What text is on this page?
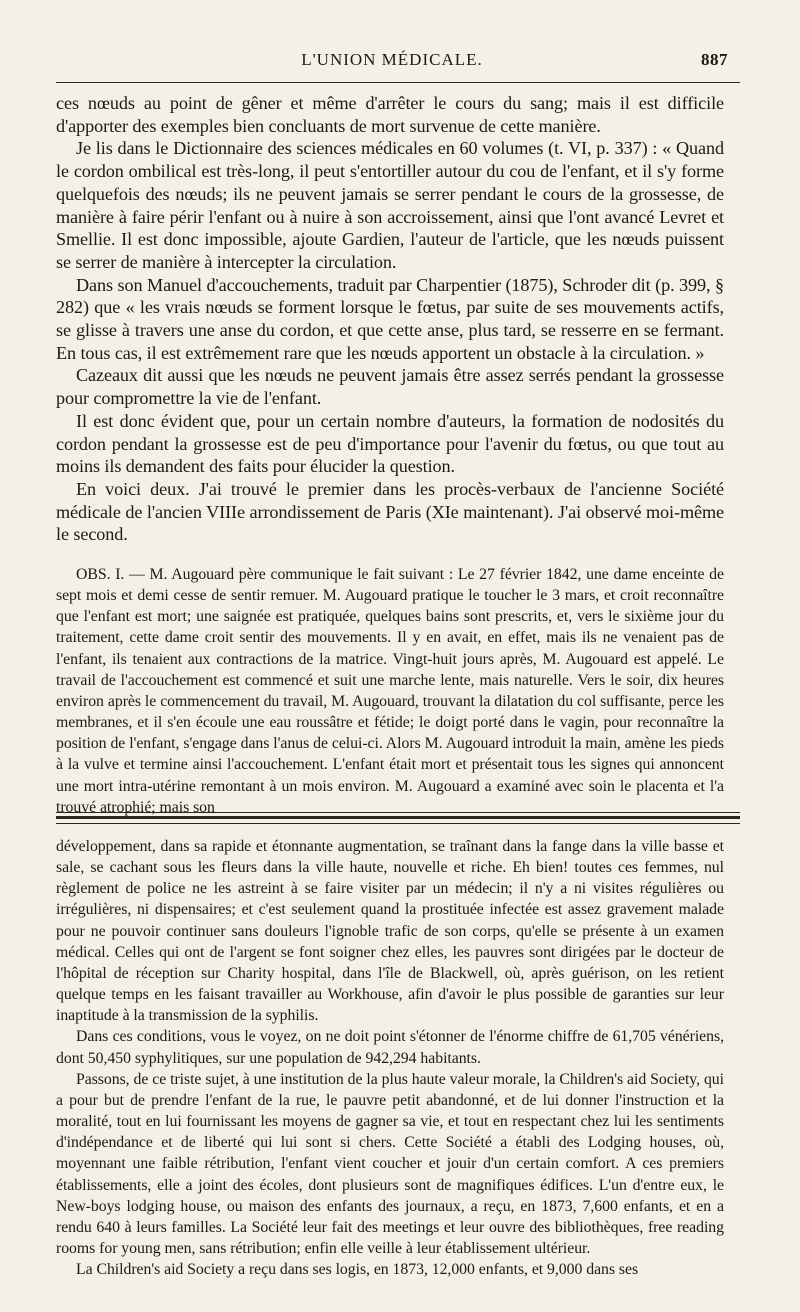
L'UNION MÉDICALE.	887

ces nœuds au point de gêner et même d'arrêter le cours du sang; mais il est difficile d'apporter des exemples bien concluants de mort survenue de cette manière.

Je lis dans le Dictionnaire des sciences médicales en 60 volumes (t. VI, p. 337) : « Quand le cordon ombilical est très-long, il peut s'entortiller autour du cou de l'enfant, et il s'y forme quelquefois des nœuds; ils ne peuvent jamais se serrer pendant le cours de la grossesse, de manière à faire périr l'enfant ou à nuire à son accroissement, ainsi que l'ont avancé Levret et Smellie. Il est donc impossible, ajoute Gardien, l'auteur de l'article, que les nœuds puissent se serrer de manière à intercepter la circulation.

Dans son Manuel d'accouchements, traduit par Charpentier (1875), Schroder dit (p. 399, § 282) que « les vrais nœuds se forment lorsque le fœtus, par suite de ses mouvements actifs, se glisse à travers une anse du cordon, et que cette anse, plus tard, se resserre en se fermant. En tous cas, il est extrêmement rare que les nœuds apportent un obstacle à la circulation. »

Cazeaux dit aussi que les nœuds ne peuvent jamais être assez serrés pendant la grossesse pour compromettre la vie de l'enfant.

Il est donc évident que, pour un certain nombre d'auteurs, la formation de nodosités du cordon pendant la grossesse est de peu d'importance pour l'avenir du fœtus, ou que tout au moins ils demandent des faits pour élucider la question.

En voici deux. J'ai trouvé le premier dans les procès-verbaux de l'ancienne Société médicale de l'ancien VIIIe arrondissement de Paris (XIe maintenant). J'ai observé moi-même le second.

OBS. I. — M. Augouard père communique le fait suivant : Le 27 février 1842, une dame enceinte de sept mois et demi cesse de sentir remuer. M. Augouard pratique le toucher le 3 mars, et croit reconnaître que l'enfant est mort; une saignée est pratiquée, quelques bains sont prescrits, et, vers le sixième jour du traitement, cette dame croit sentir des mouvements. Il y en avait, en effet, mais ils ne venaient pas de l'enfant, ils tenaient aux contractions de la matrice. Vingt-huit jours après, M. Augouard est appelé. Le travail de l'accouchement est commencé et suit une marche lente, mais naturelle. Vers le soir, dix heures environ après le commencement du travail, M. Augouard, trouvant la dilatation du col suffisante, perce les membranes, et il s'en écoule une eau roussâtre et fétide; le doigt porté dans le vagin, pour reconnaître la position de l'enfant, s'engage dans l'anus de celui-ci. Alors M. Augouard introduit la main, amène les pieds à la vulve et termine ainsi l'accouchement. L'enfant était mort et présentait tous les signes qui annoncent une mort intra-utérine remontant à un mois environ. M. Augouard a examiné avec soin le placenta et l'a trouvé atrophié; mais son

développement, dans sa rapide et étonnante augmentation, se traînant dans la fange dans la ville basse et sale, se cachant sous les fleurs dans la ville haute, nouvelle et riche. Eh bien! toutes ces femmes, nul règlement de police ne les astreint à se faire visiter par un médecin; il n'y a ni visites régulières ou irrégulières, ni dispensaires; et c'est seulement quand la prostituée infectée est assez gravement malade pour ne pouvoir continuer sans douleurs l'ignoble trafic de son corps, qu'elle se présente à un examen médical. Celles qui ont de l'argent se font soigner chez elles, les pauvres sont dirigées par le docteur de l'hôpital de réception sur Charity hospital, dans l'île de Blackwell, où, après guérison, on les retient quelque temps en les faisant travailler au Workhouse, afin d'avoir le plus possible de garanties sur leur inaptitude à la transmission de la syphilis.

Dans ces conditions, vous le voyez, on ne doit point s'étonner de l'énorme chiffre de 61,705 vénériens, dont 50,450 syphylitiques, sur une population de 942,294 habitants.

Passons, de ce triste sujet, à une institution de la plus haute valeur morale, la Children's aid Society, qui a pour but de prendre l'enfant de la rue, le pauvre petit abandonné, et de lui donner l'instruction et la moralité, tout en lui fournissant les moyens de gagner sa vie, et tout en respectant chez lui les sentiments d'indépendance et de liberté qui lui sont si chers. Cette Société a établi des Lodging houses, où, moyennant une faible rétribution, l'enfant vient coucher et jouir d'un certain comfort. A ces premiers établissements, elle a joint des écoles, dont plusieurs sont de magnifiques édifices. L'un d'entre eux, le New-boys lodging house, ou maison des enfants des journaux, a reçu, en 1873, 7,600 enfants, et en a rendu 640 à leurs familles. La Société leur fait des meetings et leur ouvre des bibliothèques, free reading rooms for young men, sans rétribution; enfin elle veille à leur établissement ultérieur.

La Children's aid Society a reçu dans ses logis, en 1873, 12,000 enfants, et 9,000 dans ses
